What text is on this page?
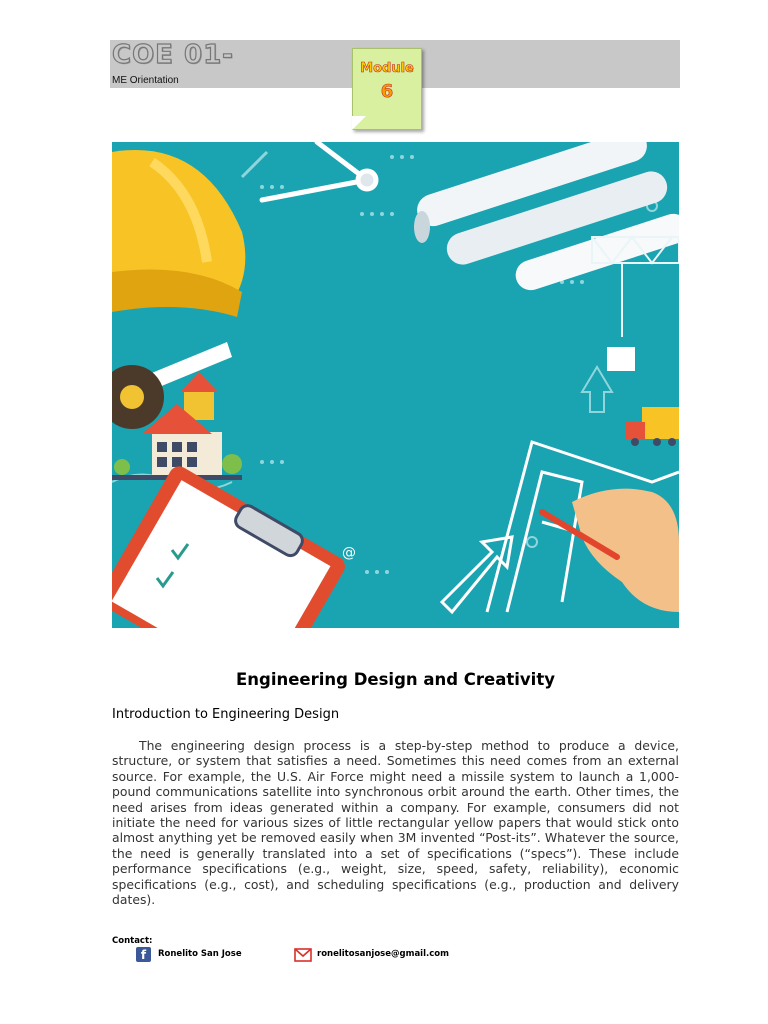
COE 01-
ME Orientation
Module
6
@
Engineering Design and Creativity
Introduction to Engineering Design

The engineering design process is a step-by-step method to produce a device, structure, or system that satisfies a need. Sometimes this need comes from an external source. For example, the U.S. Air Force might need a missile system to launch a 1,000-pound communications satellite into synchronous orbit around the earth. Other times, the need arises from ideas generated within a company. For example, consumers did not initiate the need for various sizes of little rectangular yellow papers that would stick onto almost anything yet be removed easily when 3M invented “Post-its”. Whatever the source, the need is generally translated into a set of specifications (“specs”). These include performance specifications (e.g., weight, size, speed, safety, reliability), economic specifications (e.g., cost), and scheduling specifications (e.g., production and delivery dates).

Contact:
f	Ronelito San Jose	ronelitosanjose@gmail.com
